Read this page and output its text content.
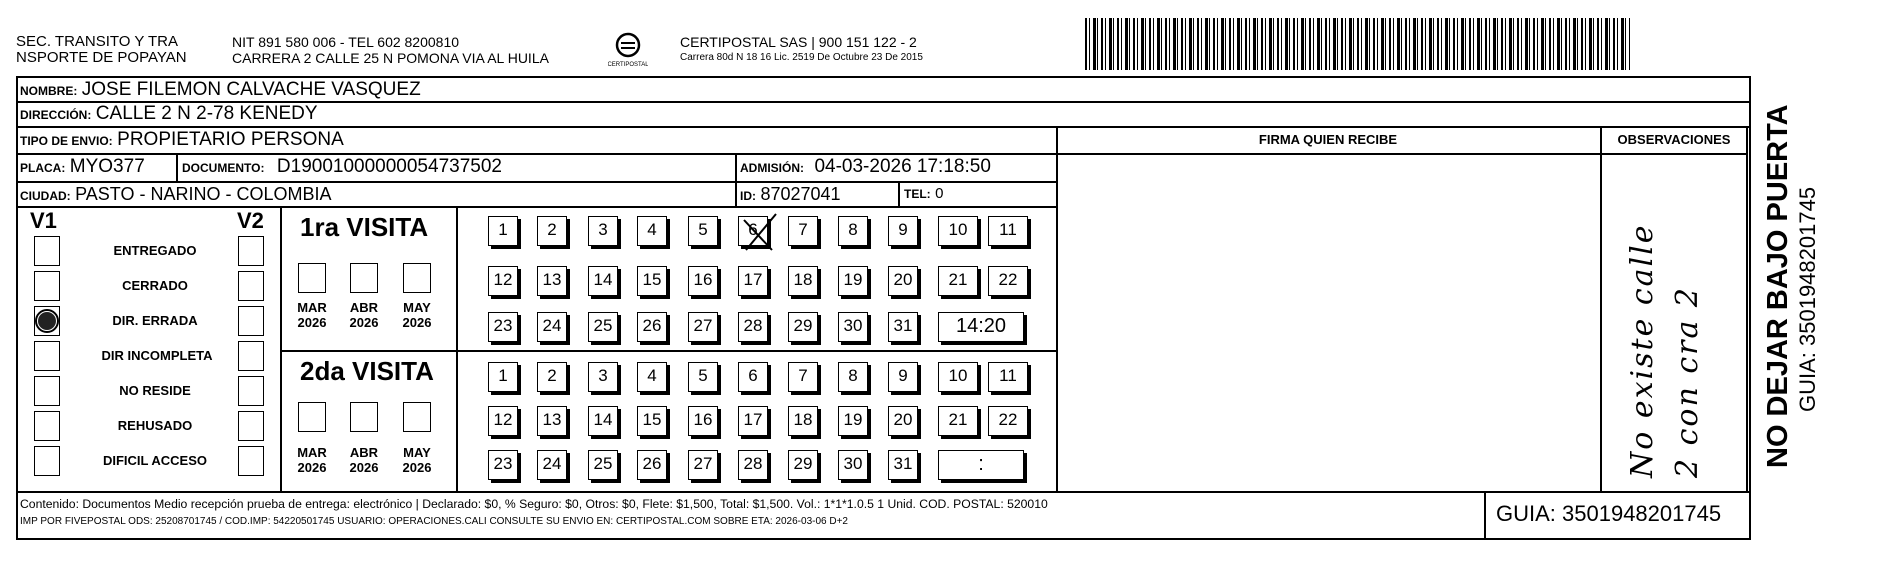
SEC. TRANSITO Y TRA
NSPORTE DE POPAYAN
NIT 891 580 006 - TEL 602 8200810
CARRERA 2 CALLE 25 N POMONA VIA AL HUILA	CERTIPOSTAL
CERTIPOSTAL SAS | 900 151 122 - 2
Carrera 80d N 18 16 Lic. 2519 De Octubre 23 De 2015
NOMBRE: JOSE FILEMON CALVACHE VASQUEZ
DIRECCIÓN: CALLE 2 N 2-78 KENEDY
TIPO DE ENVIO: PROPIETARIO PERSONA	FIRMA QUIEN RECIBE	OBSERVACIONES
PLACA: MYO377	DOCUMENTO: D19001000000054737502	ADMISIÓN: 04-03-2026 17:18:50
CIUDAD: PASTO - NARINO - COLOMBIA	ID: 87027041	TEL: 0
V1	V2
ENTREGADO
CERRADO
DIR. ERRADA
DIR INCOMPLETA
NO RESIDE
REHUSADO
DIFICIL ACCESO
1ra VISITA
MAR
2026
ABR
2026
MAY
2026
2da VISITA
MAR
2026
ABR
2026
MAY
2026
1	2	3	4	5	6	7	8	9	10	11
12	13	14	15	16	17	18	19	20	21	22
23	24	25	26	27	28	29	30	31	14:20
1	2	3	4	5	6	7	8	9	10	11
12	13	14	15	16	17	18	19	20	21	22
23	24	25	26	27	28	29	30	31	:	No existe calle 2 con cra 2
Contenido: Documentos Medio recepción prueba de entrega: electrónico | Declarado: $0, % Seguro: $0, Otros: $0, Flete: $1,500, Total: $1,500. Vol.: 1*1*1.0.5 1 Unid. COD. POSTAL: 520010
IMP POR FIVEPOSTAL ODS: 25208701745 / COD.IMP: 54220501745 USUARIO: OPERACIONES.CALI CONSULTE SU ENVIO EN: CERTIPOSTAL.COM SOBRE ETA: 2026-03-06 D+2	GUIA: 3501948201745
NO DEJAR BAJO PUERTA GUIA: 3501948201745
